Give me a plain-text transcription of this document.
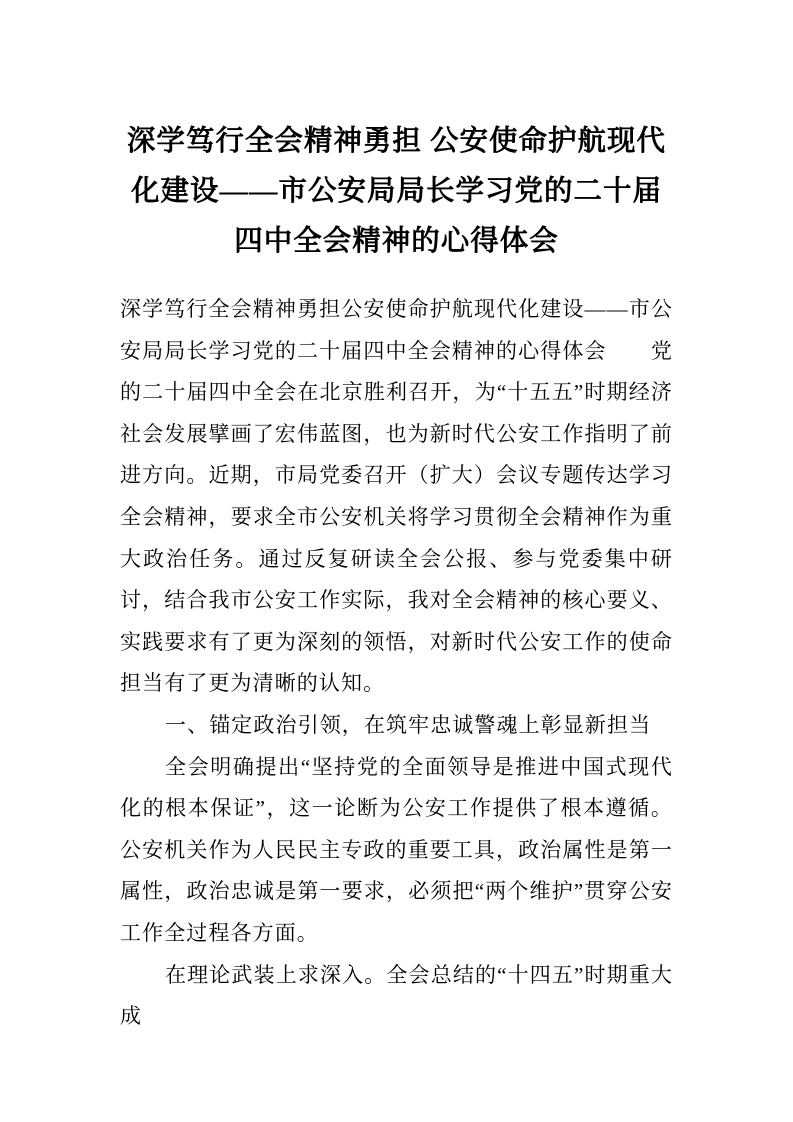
深学笃行全会精神勇担 公安使命护航现代化建设——市公安局局长学习党的二十届四中全会精神的心得体会

深学笃行全会精神勇担公安使命护航现代化建设——市公安局局长学习党的二十届四中全会精神的心得体会　　党的二十届四中全会在北京胜利召开，为“十五五”时期经济社会发展擘画了宏伟蓝图，也为新时代公安工作指明了前进方向。近期，市局党委召开（扩大）会议专题传达学习全会精神，要求全市公安机关将学习贯彻全会精神作为重大政治任务。通过反复研读全会公报、参与党委集中研讨，结合我市公安工作实际，我对全会精神的核心要义、实践要求有了更为深刻的领悟，对新时代公安工作的使命担当有了更为清晰的认知。

一、锚定政治引领，在筑牢忠诚警魂上彰显新担当

全会明确提出“坚持党的全面领导是推进中国式现代化的根本保证”，这一论断为公安工作提供了根本遵循。公安机关作为人民民主专政的重要工具，政治属性是第一属性，政治忠诚是第一要求，必须把“两个维护”贯穿公安工作全过程各方面。

在理论武装上求深入。全会总结的“十四五”时期重大成
